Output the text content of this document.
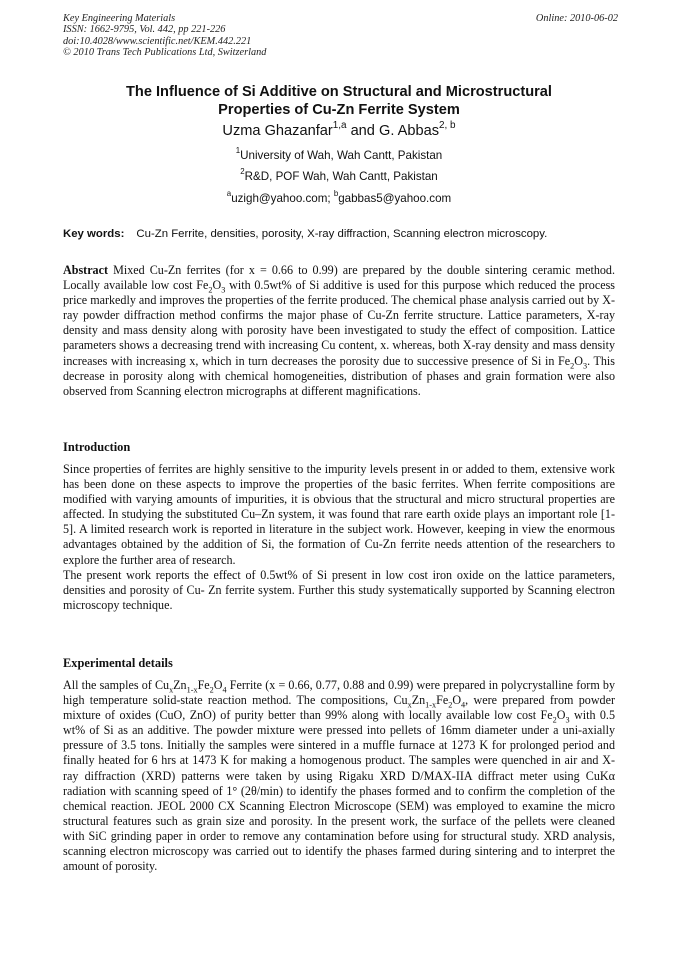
Key Engineering Materials
ISSN: 1662-9795, Vol. 442, pp 221-226
doi:10.4028/www.scientific.net/KEM.442.221
© 2010 Trans Tech Publications Ltd, Switzerland
Online: 2010-06-02
The Influence of Si Additive on Structural and Microstructural
Properties of Cu-Zn Ferrite System
Uzma Ghazanfar$^{1,a}$ and G. Abbas$^{2, b}$
$^1$University of Wah, Wah Cantt, Pakistan
$^2$R&D, POF Wah, Wah Cantt, Pakistan
$^a$uzigh@yahoo.com; $^b$gabbas5@yahoo.com
Key words: Cu-Zn Ferrite, densities, porosity, X-ray diffraction, Scanning electron microscopy.

Abstract Mixed Cu-Zn ferrites (for x = 0.66 to 0.99) are prepared by the double sintering ceramic method. Locally available low cost $Fe_2O_3$ with 0.5wt% of Si additive is used for this purpose which reduced the process price markedly and improves the properties of the ferrite produced. The chemical phase analysis carried out by X-ray powder diffraction method confirms the major phase of Cu-Zn ferrite structure. Lattice parameters, X-ray density and mass density along with porosity have been investigated to study the effect of composition. Lattice parameters shows a decreasing trend with increasing Cu content, x. whereas, both X-ray density and mass density increases with increasing x, which in turn decreases the porosity due to successive presence of Si in $Fe_2O_3$. This decrease in porosity along with chemical homogeneities, distribution of phases and grain formation were also observed from Scanning electron micrographs at different magnifications.

Introduction

Since properties of ferrites are highly sensitive to the impurity levels present in or added to them, extensive work has been done on these aspects to improve the properties of the basic ferrites. When ferrite compositions are modified with varying amounts of impurities, it is obvious that the structural and micro structural properties are affected. In studying the substituted Cu–Zn system, it was found that rare earth oxide plays an important role [1-5]. A limited research work is reported in literature in the subject work. However, keeping in view the enormous advantages obtained by the addition of Si, the formation of Cu-Zn ferrite needs attention of the researchers to explore the further area of research.

The present work reports the effect of 0.5wt% of Si present in low cost iron oxide on the lattice parameters, densities and porosity of Cu- Zn ferrite system. Further this study systematically supported by Scanning electron microscopy technique.

Experimental details

All the samples of $Cu_xZn_{1-x}Fe_2O_4$ Ferrite (x = 0.66, 0.77, 0.88 and 0.99) were prepared in polycrystalline form by high temperature solid-state reaction method. The compositions, $Cu_xZn_{1-x}Fe_2O_4$, were prepared from powder mixture of oxides (CuO, ZnO) of purity better than 99% along with locally available low cost $Fe_2O_3$ with 0.5 wt% of Si as an additive. The powder mixture were pressed into pellets of 16mm diameter under a uni-axially pressure of 3.5 tons. Initially the samples were sintered in a muffle furnace at 1273 K for prolonged period and finally heated for 6 hrs at 1473 K for making a homogenous product. The samples were quenched in air and X-ray diffraction (XRD) patterns were taken by using Rigaku XRD D/MAX-IIA diffract meter using CuKα radiation with scanning speed of 1° (2θ/min) to identify the phases formed and to confirm the completion of the chemical reaction. JEOL 2000 CX Scanning Electron Microscope (SEM) was employed to examine the micro structural features such as grain size and porosity. In the present work, the surface of the pellets were cleaned with SiC grinding paper in order to remove any contamination before using for structural study. XRD analysis, scanning electron microscopy was carried out to identify the phases farmed during sintering and to interpret the amount of porosity.
